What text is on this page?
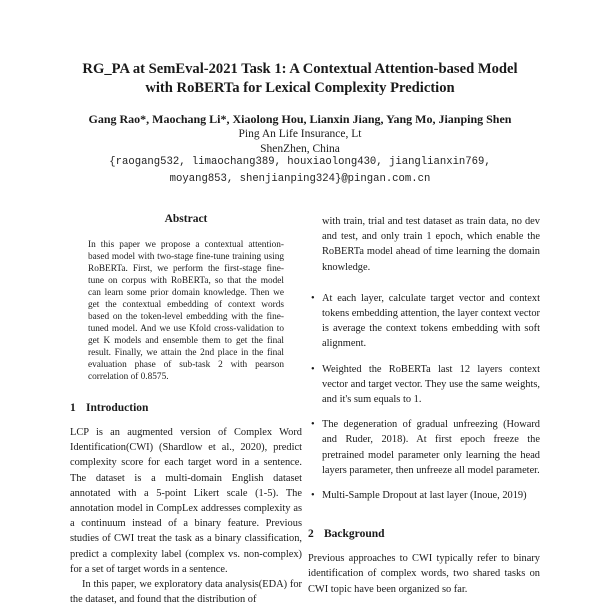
RG_PA at SemEval-2021 Task 1: A Contextual Attention-based Model
with RoBERTa for Lexical Complexity Prediction
Gang Rao*, Maochang Li*, Xiaolong Hou, Lianxin Jiang, Yang Mo, Jianping Shen
Ping An Life Insurance, Lt
ShenZhen, China
{raogang532, limaochang389, houxiaolong430, jianglianxin769,
moyang853, shenjianping324}@pingan.com.cn
Abstract
In this paper we propose a contextual attention-based model with two-stage fine-tune training using RoBERTa. First, we perform the first-stage fine-tune on corpus with RoBERTa, so that the model can learn some prior domain knowledge. Then we get the contextual embedding of context words based on the token-level embedding with the fine-tuned model. And we use Kfold cross-validation to get K models and ensemble them to get the final result. Finally, we attain the 2nd place in the final evaluation phase of sub-task 2 with pearson correlation of 0.8575.
1 Introduction

LCP is an augmented version of Complex Word Identification(CWI) (Shardlow et al., 2020), predict complexity score for each target word in a sentence. The dataset is a multi-domain English dataset annotated with a 5-point Likert scale (1-5). The annotation model in CompLex addresses complexity as a continuum instead of a binary feature. Previous studies of CWI treat the task as a binary classification, predict a complexity label (complex vs. non-complex) for a set of target words in a sentence.

In this paper, we exploratory data analysis(EDA) for the dataset, and found that the distribution of

with train, trial and test dataset as train data, no dev and test, and only train 1 epoch, which enable the RoBERTa model ahead of time learning the domain knowledge.

• At each layer, calculate target vector and context tokens embedding attention, the layer context vector is average the context tokens embedding with soft alignment.

• Weighted the RoBERTa last 12 layers context vector and target vector. They use the same weights, and it's sum equals to 1.

• The degeneration of gradual unfreezing (Howard and Ruder, 2018). At first epoch freeze the pretrained model parameter only learning the head layers parameter, then unfreeze all model parameter.

• Multi-Sample Dropout at last layer (Inoue, 2019)

2 Background

Previous approaches to CWI typically refer to binary identification of complex words, two shared tasks on CWI topic have been organized so far.
